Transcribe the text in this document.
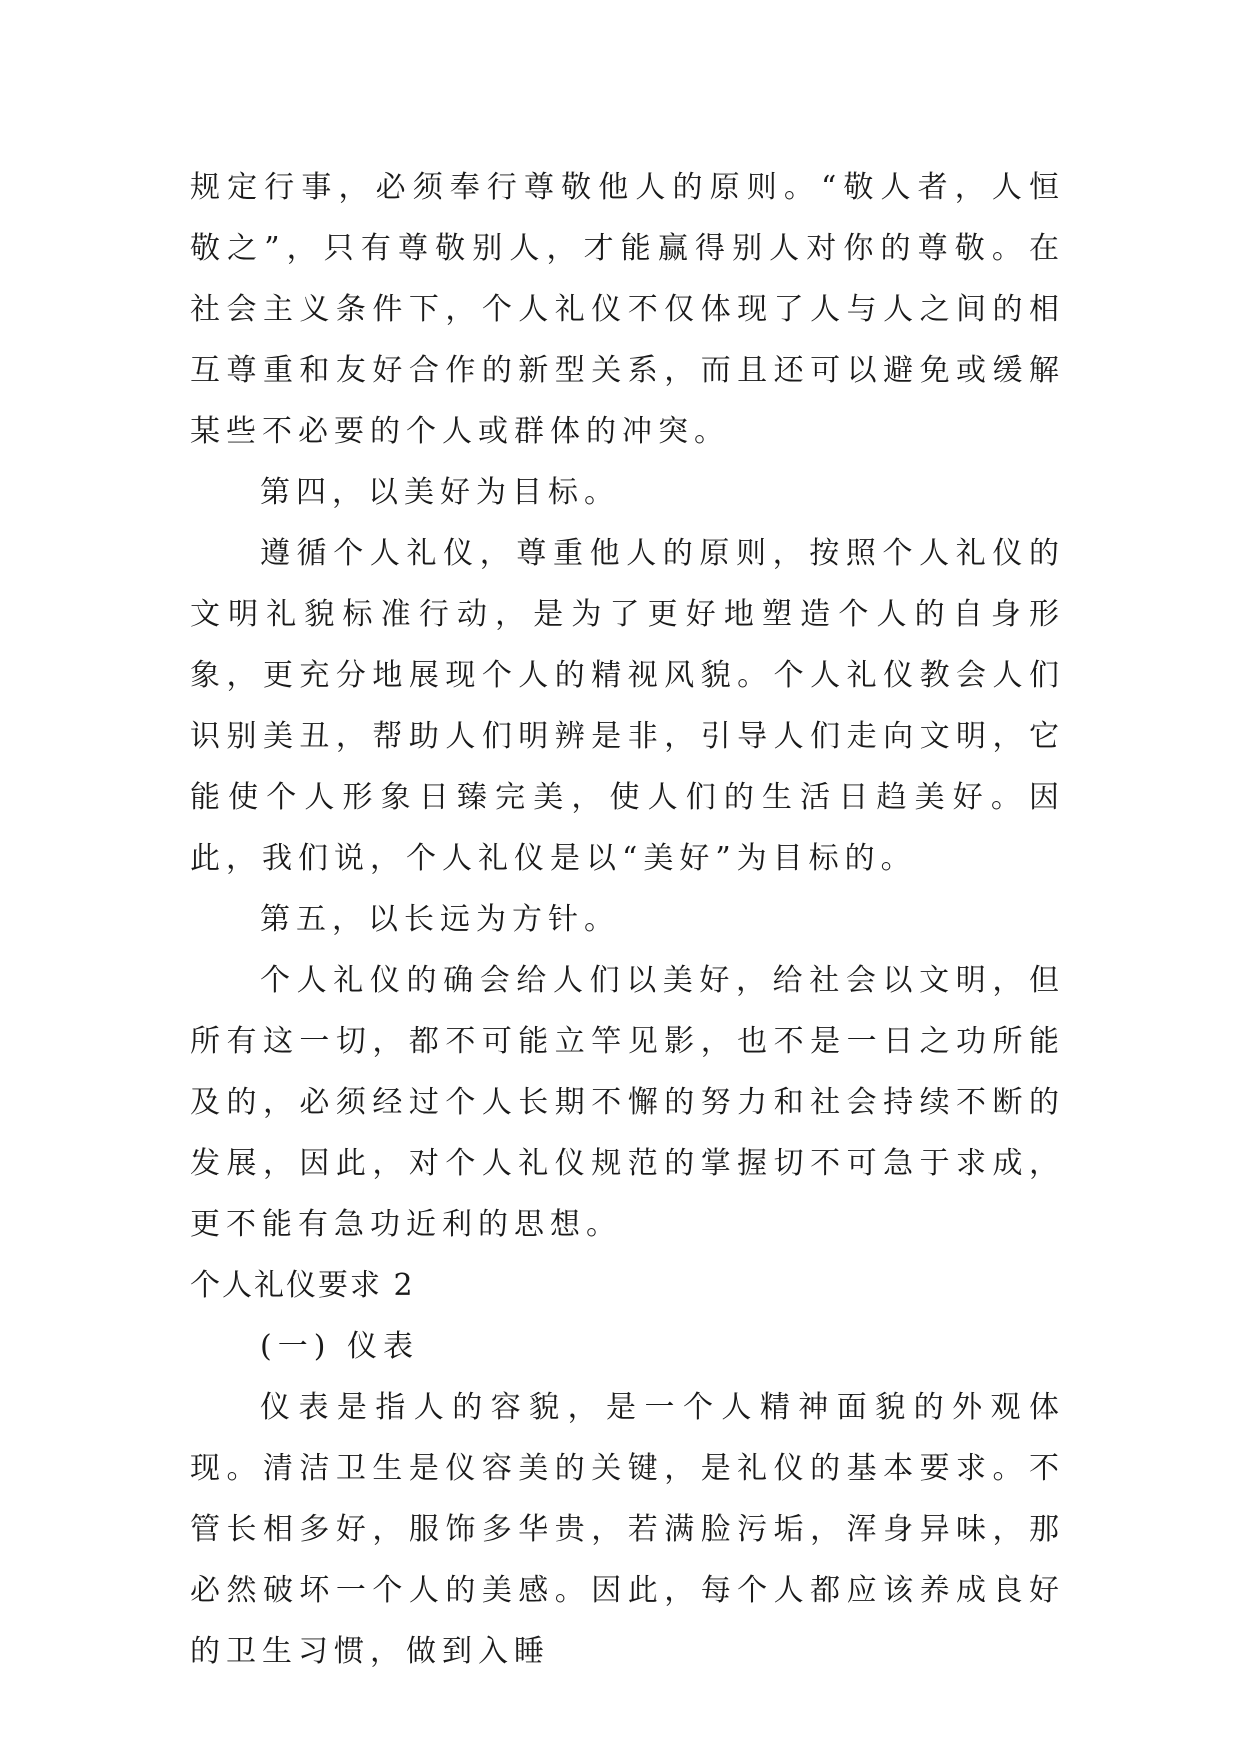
规定行事，必须奉行尊敬他人的原则。“敬人者，人恒敬之”，只有尊敬别人，才能赢得别人对你的尊敬。在社会主义条件下，个人礼仪不仅体现了人与人之间的相互尊重和友好合作的新型关系，而且还可以避免或缓解某些不必要的个人或群体的冲突。

第四，以美好为目标。

遵循个人礼仪，尊重他人的原则，按照个人礼仪的文明礼貌标准行动，是为了更好地塑造个人的自身形象，更充分地展现个人的精视风貌。个人礼仪教会人们识别美丑，帮助人们明辨是非，引导人们走向文明，它能使个人形象日臻完美，使人们的生活日趋美好。因此，我们说，个人礼仪是以“美好”为目标的。

第五，以长远为方针。

个人礼仪的确会给人们以美好，给社会以文明，但所有这一切，都不可能立竿见影，也不是一日之功所能及的，必须经过个人长期不懈的努力和社会持续不断的发展，因此，对个人礼仪规范的掌握切不可急于求成，更不能有急功近利的思想。

个人礼仪要求 2

(一) 仪表

仪表是指人的容貌，是一个人精神面貌的外观体现。清洁卫生是仪容美的关键，是礼仪的基本要求。不管长相多好，服饰多华贵，若满脸污垢，浑身异味，那必然破坏一个人的美感。因此，每个人都应该养成良好的卫生习惯，做到入睡
